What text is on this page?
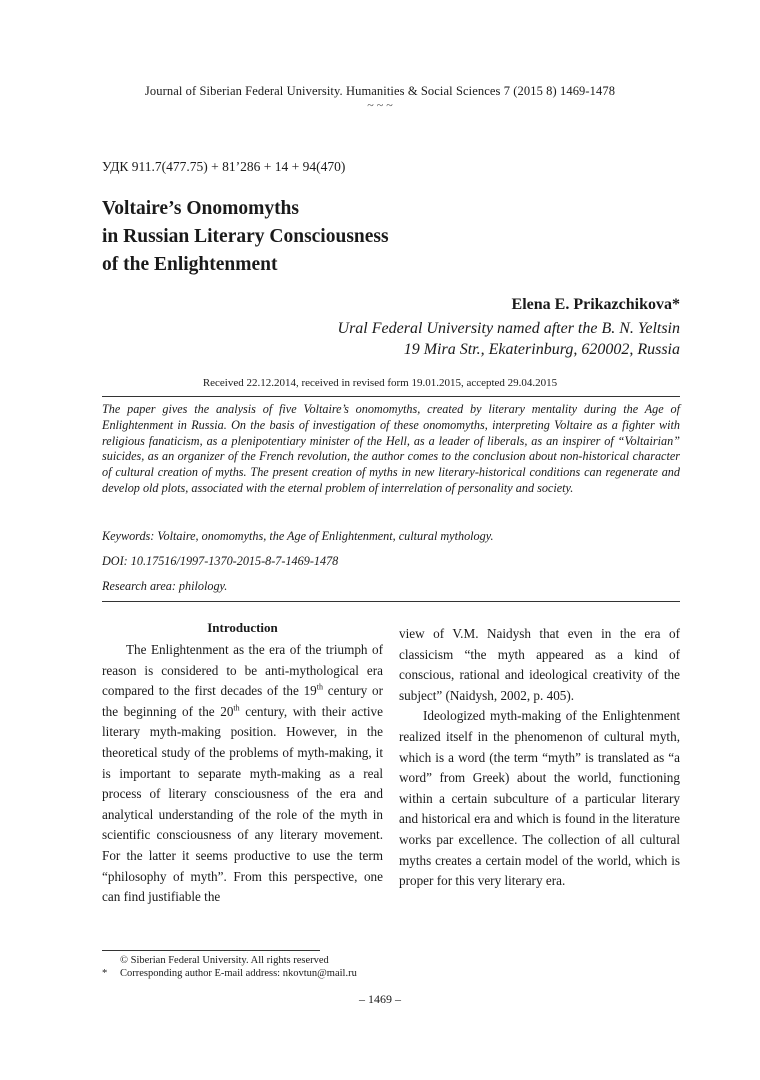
Journal of Siberian Federal University. Humanities & Social Sciences 7 (2015 8) 1469-1478
~ ~ ~
УДК 911.7(477.75) + 81’286 + 14 + 94(470)
Voltaire’s Onomomyths
in Russian Literary Consciousness
of the Enlightenment
Elena E. Prikazchikova*
Ural Federal University named after the B. N. Yeltsin
19 Mira Str., Ekaterinburg, 620002, Russia
Received 22.12.2014, received in revised form 19.01.2015, accepted 29.04.2015
The paper gives the analysis of five Voltaire’s onomomyths, created by literary mentality during the Age of Enlightenment in Russia. On the basis of investigation of these onomomyths, interpreting Voltaire as a fighter with religious fanaticism, as a plenipotentiary minister of the Hell, as a leader of liberals, as an inspirer of “Voltairian” suicides, as an organizer of the French revolution, the author comes to the conclusion about non-historical character of cultural creation of myths. The present creation of myths in new literary-historical conditions can regenerate and develop old plots, associated with the eternal problem of interrelation of personality and society.
Keywords: Voltaire, onomomyths, the Age of Enlightenment, cultural mythology.
DOI: 10.17516/1997-1370-2015-8-7-1469-1478
Research area: philology.
Introduction

The Enlightenment as the era of the triumph of reason is considered to be anti-mythological era compared to the first decades of the 19th century or the beginning of the 20th century, with their active literary myth-making position. However, in the theoretical study of the problems of myth-making, it is important to separate myth-making as a real process of literary consciousness of the era and analytical understanding of the role of the myth in scientific consciousness of any literary movement. For the latter it seems productive to use the term “philosophy of myth”. From this perspective, one can find justifiable the

view of V.M. Naidysh that even in the era of classicism “the myth appeared as a kind of conscious, rational and ideological creativity of the subject” (Naidysh, 2002, p. 405).

Ideologized myth-making of the Enlightenment realized itself in the phenomenon of cultural myth, which is a word (the term “myth” is translated as “a word” from Greek) about the world, functioning within a certain subculture of a particular literary and historical era and which is found in the literature works par excellence. The collection of all cultural myths creates a certain model of the world, which is proper for this very literary era.

© Siberian Federal University. All rights reserved
* Corresponding author E-mail address: nkovtun@mail.ru
– 1469 –
